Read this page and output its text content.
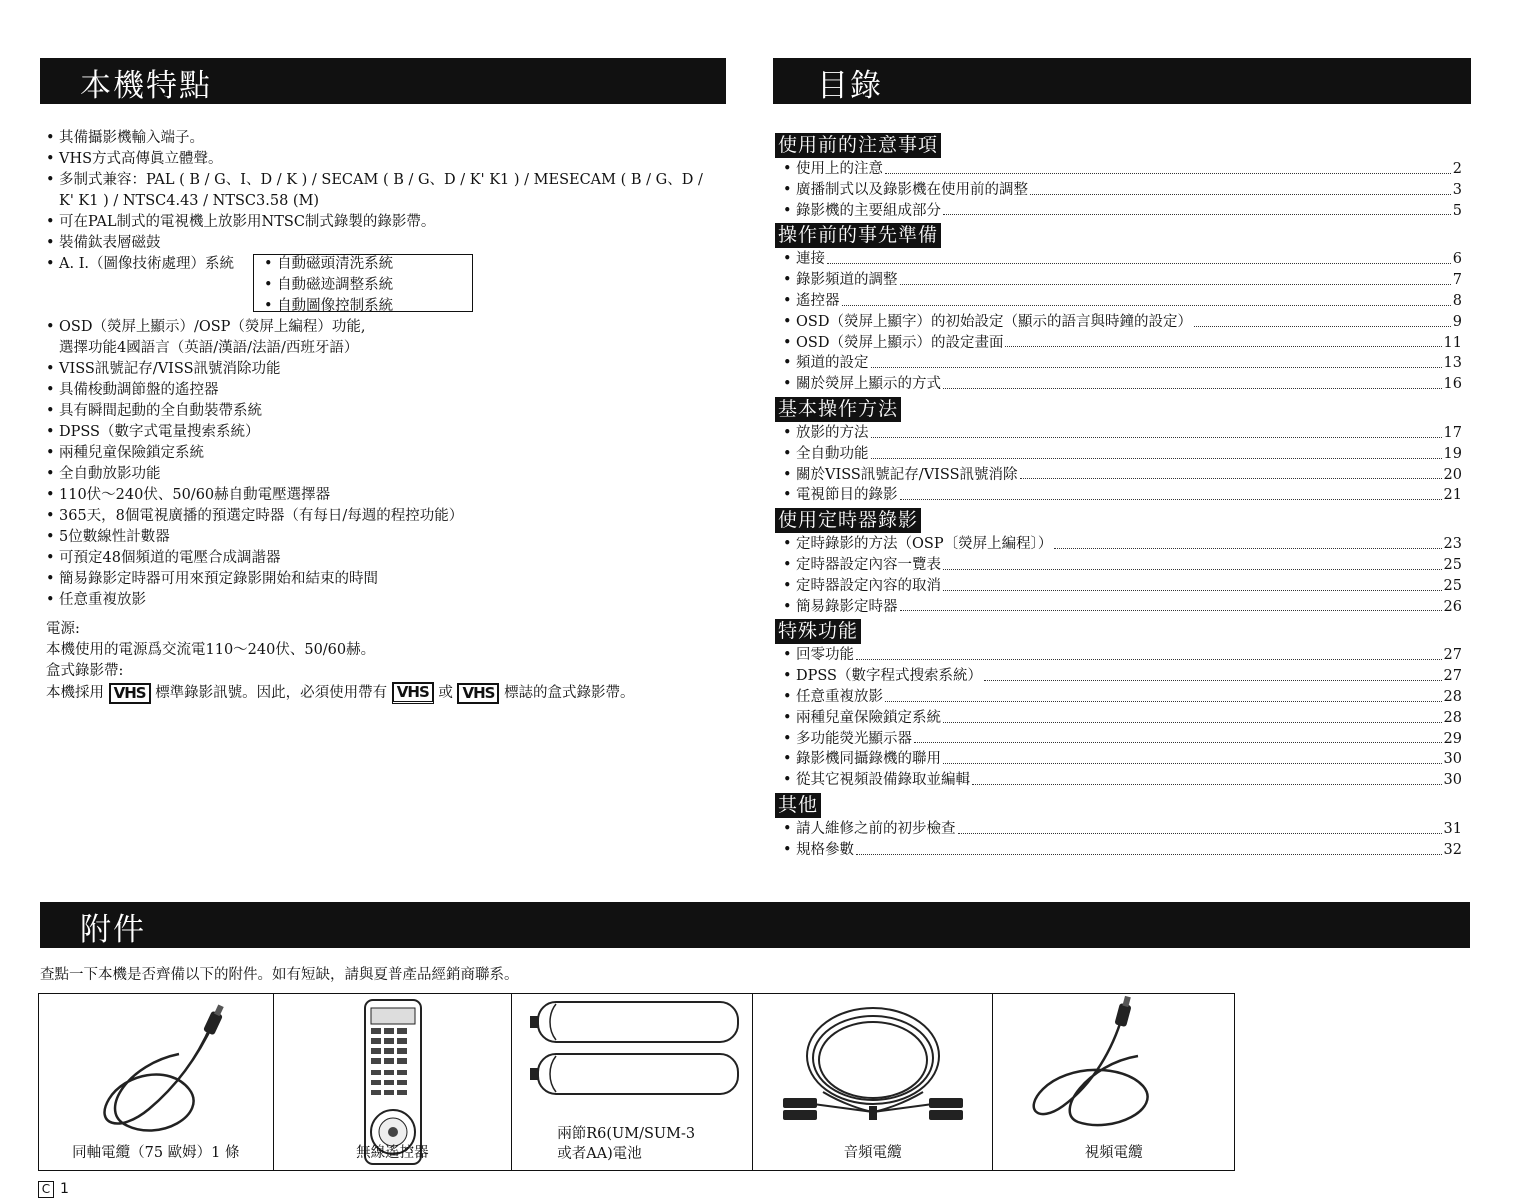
本機特點
• 其備攝影機輸入端子。
• VHS方式高傳眞立體聲。
• 多制式兼容：PAL ( B / G、I、D / K ) / SECAM ( B / G、D / K' K1 ) / MESECAM ( B / G、D /
K' K1 ) / NTSC4.43 / NTSC3.58 (M)
• 可在PAL制式的電視機上放影用NTSC制式錄製的錄影帶。
• 裝備鈦表層磁鼓
• A. I.（圖像技術處理）系統	• 自動磁頭清洗系統
• 自動磁迹調整系統
• 自動圖像控制系統
• OSD（熒屏上顯示）/OSP（熒屏上編程）功能,
選擇功能4國語言（英語/漢語/法語/西班牙語）
• VISS訊號記存/VISS訊號消除功能
• 具備梭動調節盤的遙控器
• 具有瞬間起動的全自動裝帶系統
• DPSS（數字式電量搜索系統）
• 兩種兒童保險鎖定系統
• 全自動放影功能
• 110伏～240伏、50/60赫自動電壓選擇器
• 365天，8個電視廣播的預選定時器（有每日/每週的程控功能）
• 5位數線性計數器
• 可預定48個頻道的電壓合成調諧器
• 簡易錄影定時器可用來預定錄影開始和結束的時間
• 任意重複放影
電源:
本機使用的電源爲交流電110～240伏、50/60赫。
盒式錄影帶:
本機採用 VHS 標準錄影訊號。因此，必須使用帶有 VHS 或 VHS 標誌的盒式錄影帶。
目錄
使用前的注意事項
• 使用上的注意	2
• 廣播制式以及錄影機在使用前的調整	3
• 錄影機的主要組成部分	5
操作前的事先準備
• 連接	6
• 錄影頻道的調整	7
• 遙控器	8
• OSD（熒屏上顯字）的初始設定（顯示的語言與時鐘的設定）	9
• OSD（熒屏上顯示）的設定畫面	11
• 頻道的設定	13
• 關於熒屏上顯示的方式	16
基本操作方法
• 放影的方法	17
• 全自動功能	19
• 關於VISS訊號記存/VISS訊號消除	20
• 電視節目的錄影	21
使用定時器錄影
• 定時錄影的方法（OSP〔熒屏上編程〕）	23
• 定時器設定內容一覽表	25
• 定時器設定內容的取消	25
• 簡易錄影定時器	26
特殊功能
• 回零功能	27
• DPSS（數字程式搜索系統）	27
• 任意重複放影	28
• 兩種兒童保險鎖定系統	28
• 多功能熒光顯示器	29
• 錄影機同攝錄機的聯用	30
• 從其它視頻設備錄取並編輯	30
其他
• 請人維修之前的初步檢查	31
• 規格參數	32
附件
查點一下本機是否齊備以下的附件。如有短缺，請與夏普產品經銷商聯系。
同軸電纜（75 歐姆）1 條	無線遙控器
兩節R6(UM/SUM-3
或者AA)電池	音頻電纜	視頻電纜
C 1
